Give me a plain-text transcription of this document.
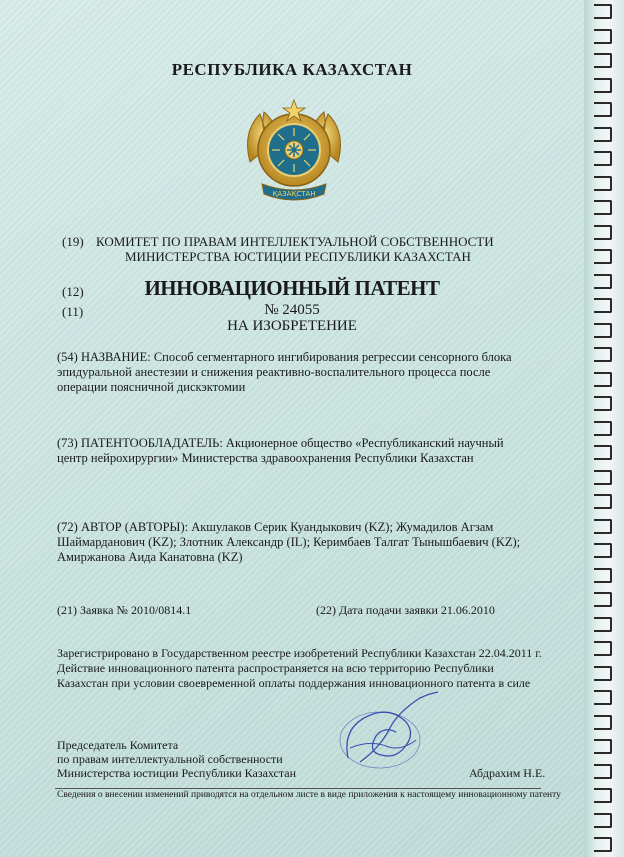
РЕСПУБЛИКА КАЗАХСТАН
ҚАЗАҚСТАН
(19) КОМИТЕТ ПО ПРАВАМ ИНТЕЛЛЕКТУАЛЬНОЙ СОБСТВЕННОСТИ
МИНИСТЕРСТВА ЮСТИЦИИ РЕСПУБЛИКИ КАЗАХСТАН
(12)	ИННОВАЦИОННЫЙ ПАТЕНТ
(11)	№ 24055
НА ИЗОБРЕТЕНИЕ
(54) НАЗВАНИЕ: Способ сегментарного ингибирования регрессии сенсорного блока эпидуральной анестезии и снижения реактивно-воспалительного процесса после операции поясничной дискэктомии
(73) ПАТЕНТООБЛАДАТЕЛЬ: Акционерное общество «Республиканский научный центр нейрохирургии» Министерства здравоохранения Республики Казахстан
(72) АВТОР (АВТОРЫ): Акшулаков Серик Куандыкович (KZ); Жумадилов Агзам Шаймарданович (KZ); Злотник Александр (IL); Керимбаев Талгат Тынышбаевич (KZ); Амиржанова Аида Канатовна (KZ)
(21) Заявка № 2010/0814.1	(22) Дата подачи заявки 21.06.2010
Зарегистрировано в Государственном реестре изобретений Республики Казахстан 22.04.2011 г.
Действие инновационного патента распространяется на всю территорию Республики
Казахстан при условии своевременной оплаты поддержания инновационного патента в силе
Председатель Комитета
по правам интеллектуальной собственности
Министерства юстиции Республики Казахстан	Абдрахим Н.Е.
Сведения о внесении изменений приводятся на отдельном листе в виде приложения к настоящему инновационному патенту
